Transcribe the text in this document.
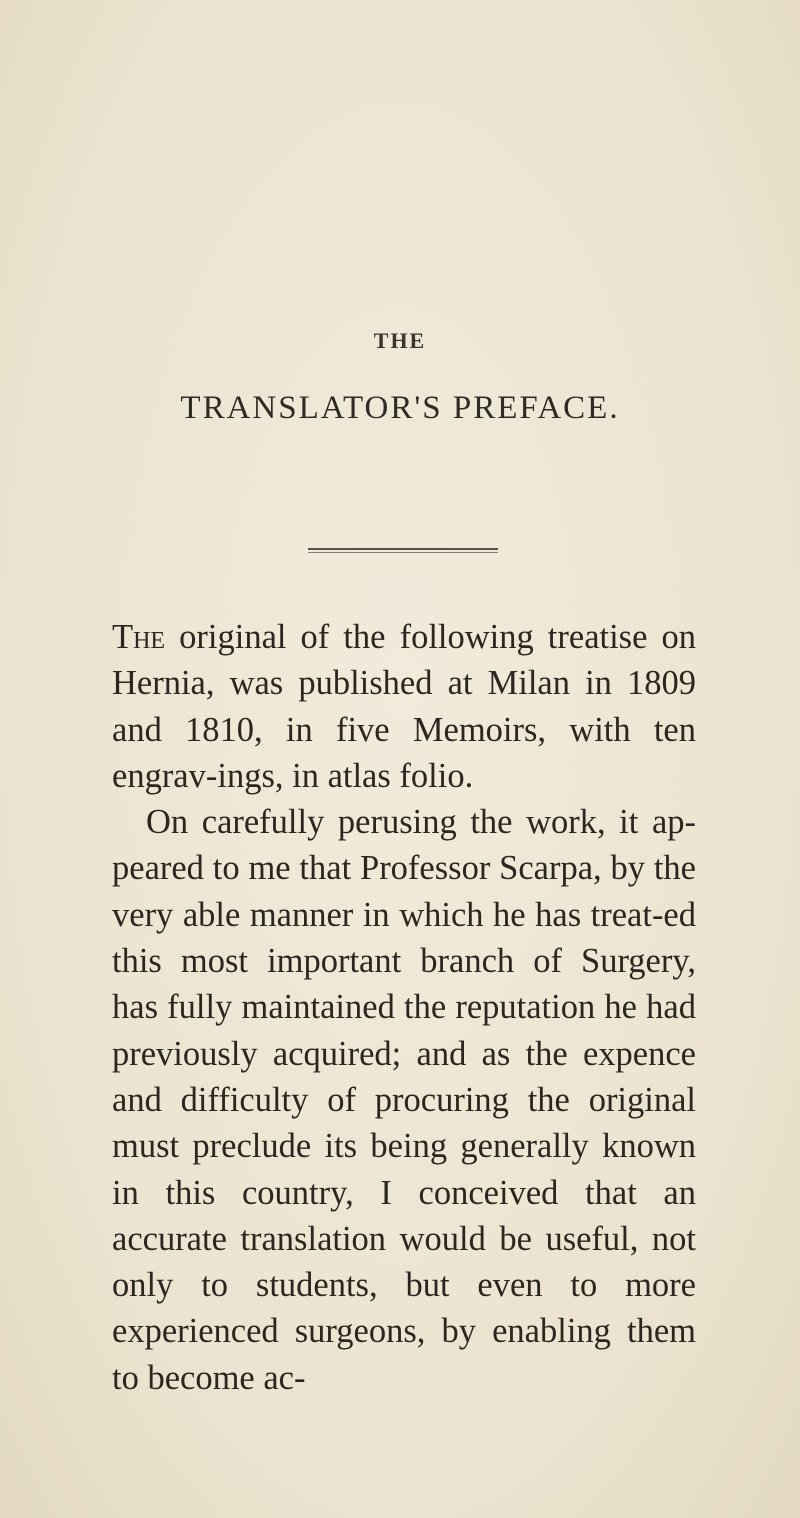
THE
TRANSLATOR'S PREFACE.

The original of the following treatise on Hernia, was published at Milan in 1809 and 1810, in five Memoirs, with ten engrav-ings, in atlas folio.

On carefully perusing the work, it ap-peared to me that Professor Scarpa, by the very able manner in which he has treat-ed this most important branch of Surgery, has fully maintained the reputation he had previously acquired; and as the expence and difficulty of procuring the original must preclude its being generally known in this country, I conceived that an accurate translation would be useful, not only to students, but even to more experienced surgeons, by enabling them to become ac-
